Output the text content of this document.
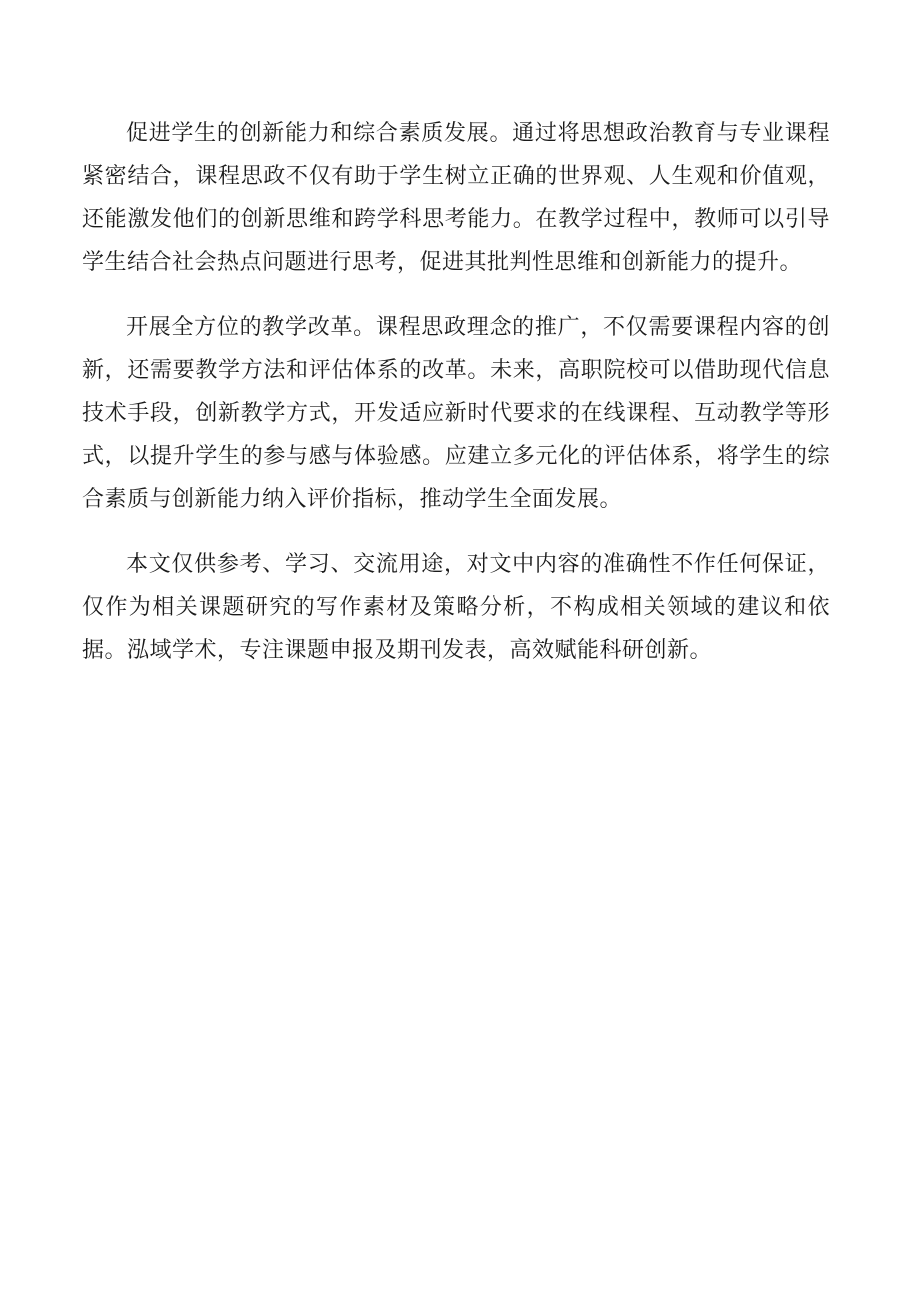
促进学生的创新能力和综合素质发展。通过将思想政治教育与专业课程紧密结合，课程思政不仅有助于学生树立正确的世界观、人生观和价值观，还能激发他们的创新思维和跨学科思考能力。在教学过程中，教师可以引导学生结合社会热点问题进行思考，促进其批判性思维和创新能力的提升。

开展全方位的教学改革。课程思政理念的推广，不仅需要课程内容的创新，还需要教学方法和评估体系的改革。未来，高职院校可以借助现代信息技术手段，创新教学方式，开发适应新时代要求的在线课程、互动教学等形式，以提升学生的参与感与体验感。应建立多元化的评估体系，将学生的综合素质与创新能力纳入评价指标，推动学生全面发展。

本文仅供参考、学习、交流用途，对文中内容的准确性不作任何保证，仅作为相关课题研究的写作素材及策略分析，不构成相关领域的建议和依据。泓域学术，专注课题申报及期刊发表，高效赋能科研创新。
